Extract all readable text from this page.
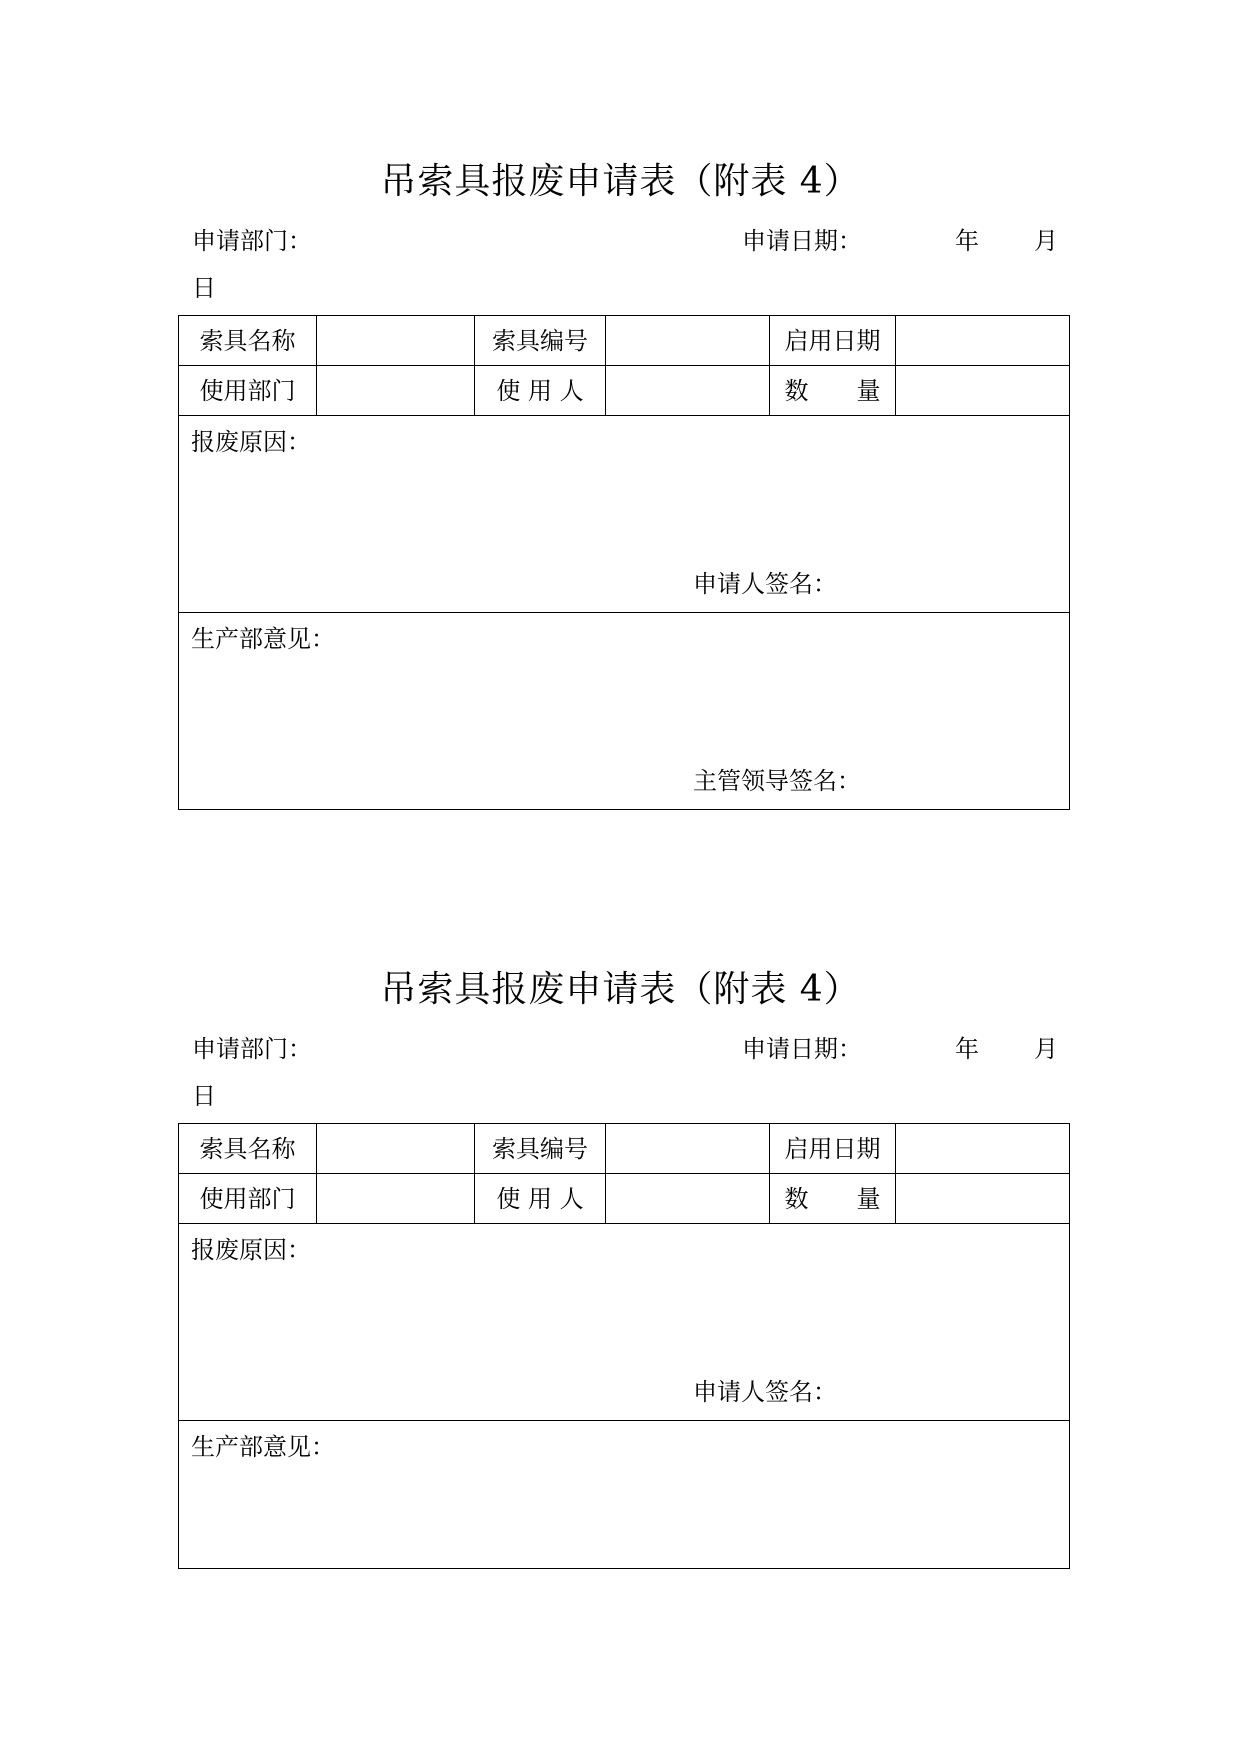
吊索具报废申请表（附表 4）
申请部门：	申请日期：	年 月
日
索具名称		索具编号		启用日期	
使用部门		使 用 人		数　　量	

报废原因：
申请人签名：					

生产部意见：
主管领导签名：					
吊索具报废申请表（附表 4）
申请部门：	申请日期：	年 月
日
索具名称		索具编号		启用日期	
使用部门		使 用 人		数　　量	

报废原因：
申请人签名：					

生产部意见：					
